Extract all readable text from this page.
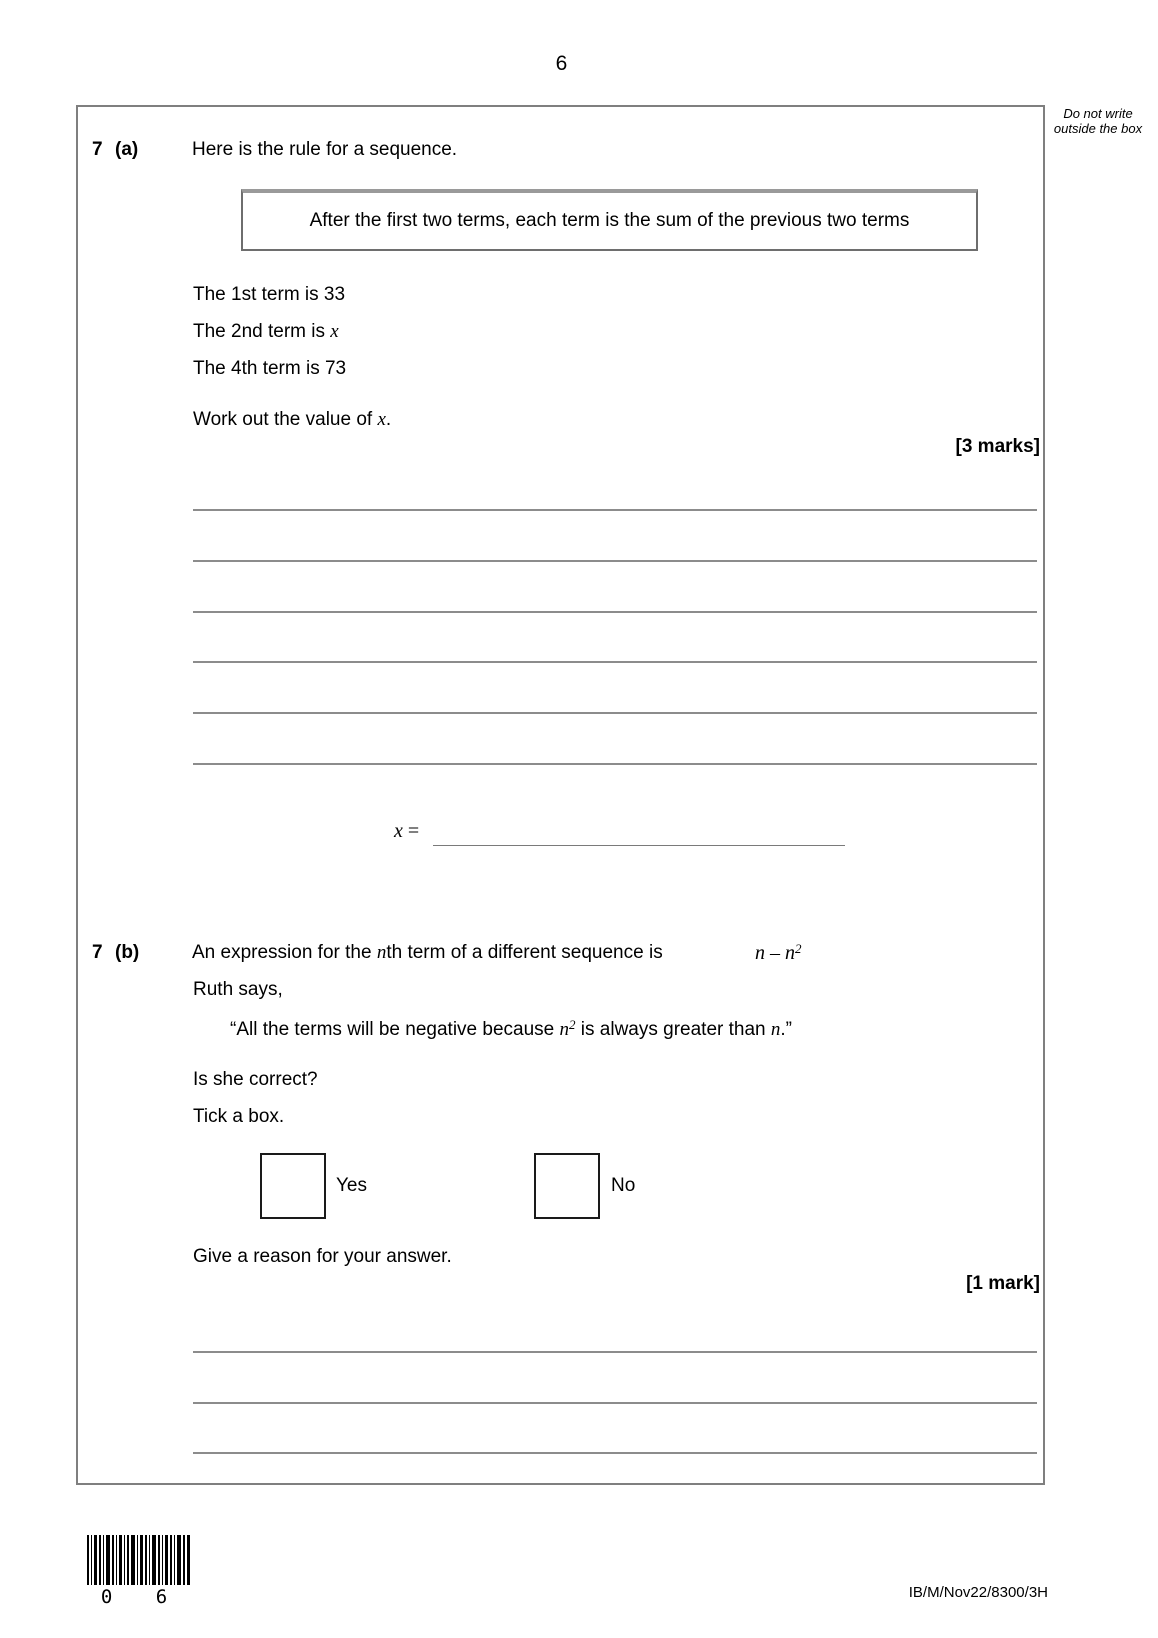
6
Do not write outside the box
7 (a)	Here is the rule for a sequence.
After the first two terms, each term is the sum of the previous two terms
The 1st term is 33
The 2nd term is x
The 4th term is 73
Work out the value of x.
[3 marks]
x =
7 (b)	An expression for the nth term of a different sequence is	n – $n^2$
Ruth says,
“All the terms will be negative because $n^2$ is always greater than n.”
Is she correct?
Tick a box.
Yes	No
Give a reason for your answer.
[1 mark]
0 6	IB/M/Nov22/8300/3H
